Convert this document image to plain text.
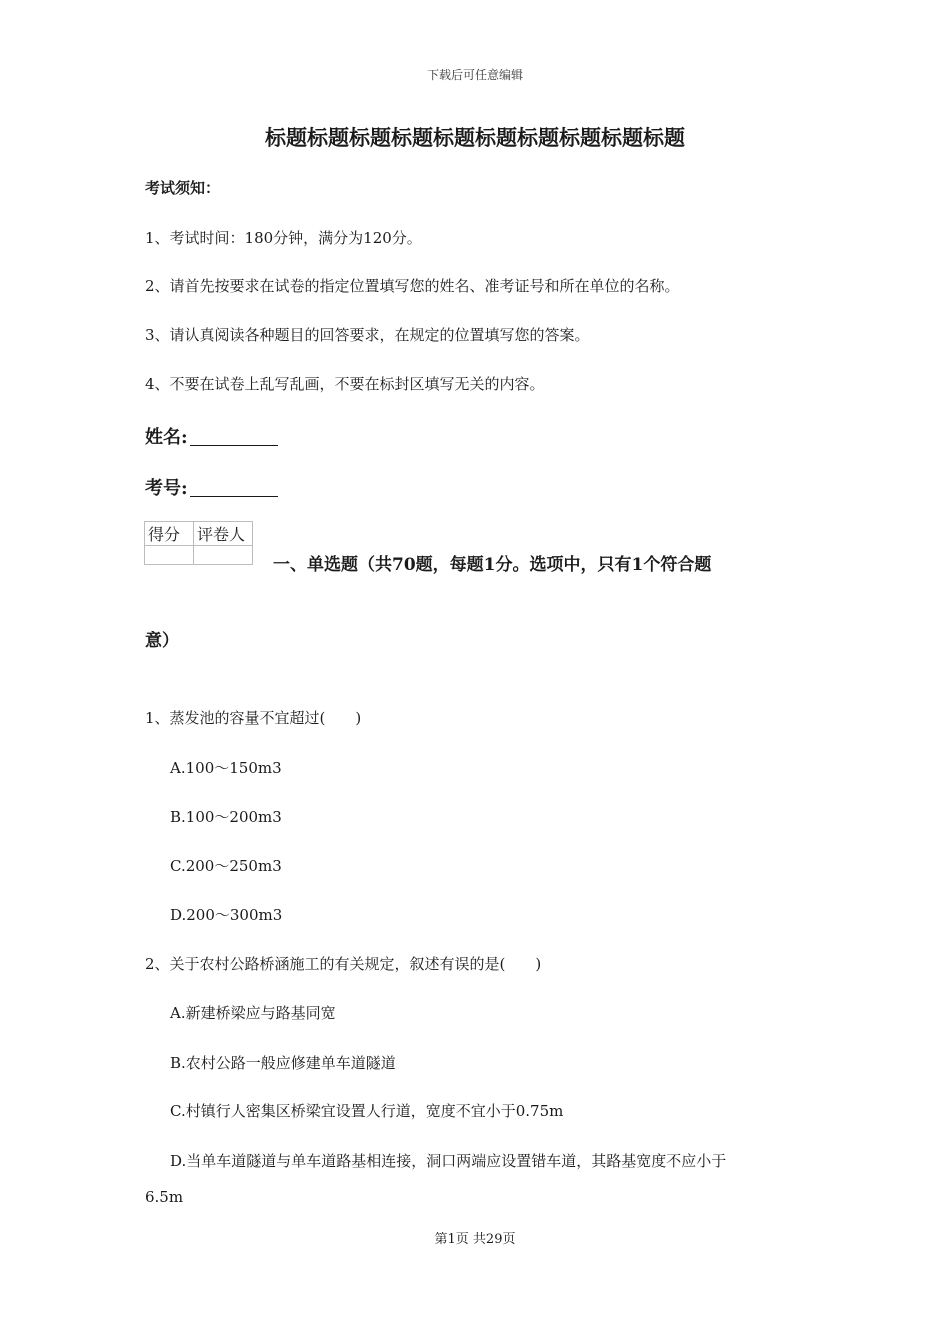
下载后可任意编辑
标题标题标题标题标题标题标题标题标题标题
考试须知：
1、考试时间：180分钟，满分为120分。
2、请首先按要求在试卷的指定位置填写您的姓名、准考证号和所在单位的名称。
3、请认真阅读各种题目的回答要求，在规定的位置填写您的答案。
4、不要在试卷上乱写乱画，不要在标封区填写无关的内容。
姓名:
考号:
得分	评卷人

一、单选题（共70题，每题1分。选项中，只有1个符合题
意）
1、蒸发池的容量不宜超过(　　)
A.100～150m3
B.100～200m3
C.200～250m3
D.200～300m3
2、关于农村公路桥涵施工的有关规定，叙述有误的是(　　)
A.新建桥梁应与路基同宽
B.农村公路一般应修建单车道隧道
C.村镇行人密集区桥梁宜设置人行道，宽度不宜小于0.75m
D.当单车道隧道与单车道路基相连接，洞口两端应设置错车道，其路基宽度不应小于
6.5m
第1页 共29页
